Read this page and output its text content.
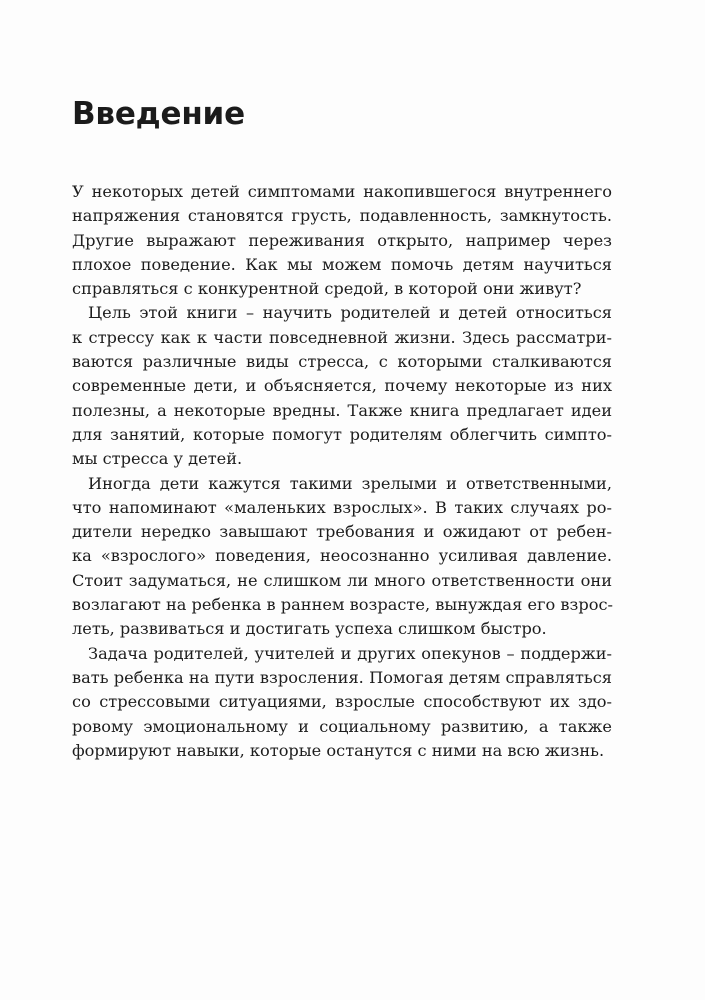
Введение

У некоторых детей симптомами накопившегося внутреннего
напряжения становятся грусть, подавленность, замкнутость.
Другие выражают переживания открыто, например через
плохое поведение. Как мы можем помочь детям научиться
справляться с конкурентной средой, в которой они живут?

Цель этой книги – научить родителей и детей относиться
к стрессу как к части повседневной жизни. Здесь рассматри-
ваются различные виды стресса, с которыми сталкиваются
современные дети, и объясняется, почему некоторые из них
полезны, а некоторые вредны. Также книга предлагает идеи
для занятий, которые помогут родителям облегчить симпто-
мы стресса у детей.

Иногда дети кажутся такими зрелыми и ответственными,
что напоминают «маленьких взрослых». В таких случаях ро-
дители нередко завышают требования и ожидают от ребен-
ка «взрослого» поведения, неосознанно усиливая давление.
Стоит задуматься, не слишком ли много ответственности они
возлагают на ребенка в раннем возрасте, вынуждая его взрос-
леть, развиваться и достигать успеха слишком быстро.

Задача родителей, учителей и других опекунов – поддержи-
вать ребенка на пути взросления. Помогая детям справляться
со стрессовыми ситуациями, взрослые способствуют их здо-
ровому эмоциональному и социальному развитию, а также
формируют навыки, которые останутся с ними на всю жизнь.
